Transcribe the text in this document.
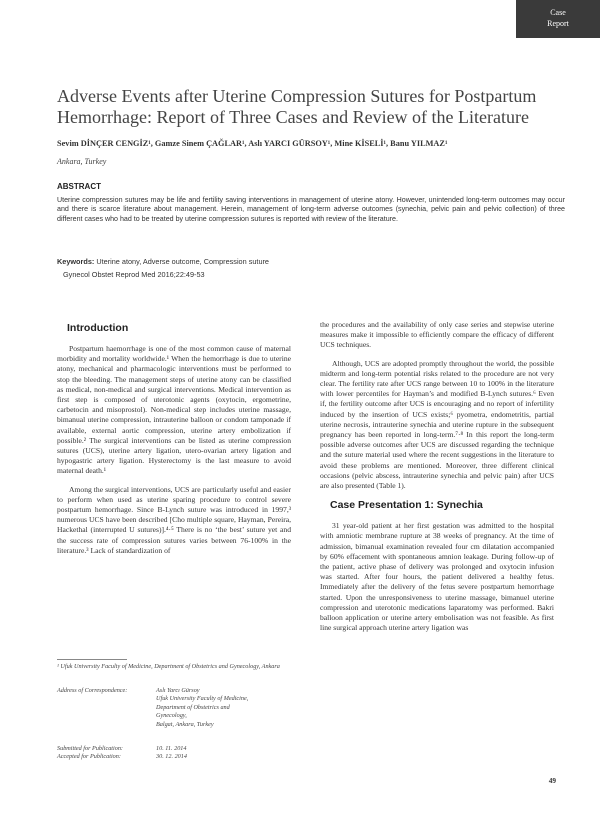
Case
Report
Adverse Events after Uterine Compression Sutures for Postpartum Hemorrhage: Report of Three Cases and Review of the Literature
Sevim DİNÇER CENGİZ¹, Gamze Sinem ÇAĞLAR¹, Aslı YARCI GÜRSOY¹, Mine KİSELİ¹, Banu YILMAZ¹
Ankara, Turkey
ABSTRACT

Uterine compression sutures may be life and fertility saving interventions in management of uterine atony. However, unintended long-term outcomes may occur and there is scarce literature about management. Herein, management of long-term adverse outcomes (synechia, pelvic pain and pelvic collection) of three different cases who had to be treated by uterine compression sutures is reported with review of the literature.

Keywords: Uterine atony, Adverse outcome, Compression suture
Gynecol Obstet Reprod Med 2016;22:49-53
Introduction

Postpartum haemorrhage is one of the most common cause of maternal morbidity and mortality worldwide.¹ When the hemorrhage is due to uterine atony, mechanical and pharmacologic interventions must be performed to stop the bleeding. The management steps of uterine atony can be classified as medical, non-medical and surgical interventions. Medical intervention as first step is composed of uterotonic agents (oxytocin, ergometrine, carbetocin and misoprostol). Non-medical step includes uterine massage, bimanual uterine compression, intrauterine balloon or condom tamponade if available, external aortic compression, uterine artery embolization if possible.² The surgical interventions can be listed as uterine compression sutures (UCS), uterine artery ligation, utero-ovarian artery ligation and hypogastric artery ligation. Hysterectomy is the last measure to avoid maternal death.¹

Among the surgical interventions, UCS are particularly useful and easier to perform when used as uterine sparing procedure to control severe postpartum hemorrhage. Since B-Lynch suture was introduced in 1997,³ numerous UCS have been described [Cho multiple square, Hayman, Pereira, Hackethal (interrupted U sutures)].⁴·⁵ There is no ‘the best’ suture yet and the success rate of compression sutures varies between 76-100% in the literature.³ Lack of standardization of

the procedures and the availability of only case series and stepwise uterine measures make it impossible to efficiently compare the efficacy of different UCS techniques.

Although, UCS are adopted promptly throughout the world, the possible midterm and long-term potential risks related to the procedure are not very clear. The fertility rate after UCS range between 10 to 100% in the literature with lower percentiles for Hayman’s and modified B-Lynch sutures.⁶ Even if, the fertility outcome after UCS is encouraging and no report of infertility induced by the insertion of UCS exists;⁶ pyometra, endometritis, partial uterine necrosis, intrauterine synechia and uterine rupture in the subsequent pregnancy has been reported in long-term.⁷·⁸ In this report the long-term possible adverse outcomes after UCS are discussed regarding the technique and the suture material used where the recent suggestions in the literature to avoid these problems are mentioned. Moreover, three different clinical occasions (pelvic abscess, intrauterine synechia and pelvic pain) after UCS are also presented (Table 1).

Case Presentation 1: Synechia

31 year-old patient at her first gestation was admitted to the hospital with amniotic membrane rupture at 38 weeks of pregnancy. At the time of admission, bimanual examination revealed four cm dilatation accompanied by 60% effacement with spontaneous amnion leakage. During follow-up of the patient, active phase of delivery was prolonged and oxytocin infusion was started. After four hours, the patient delivered a healthy fetus. Immediately after the delivery of the fetus severe postpartum hemorrhage started. Upon the unresponsiveness to uterine massage, bimanuel uterine compression and uterotonic medications laparatomy was performed. Bakri balloon application or uterine artery embolisation was not feasible. As first line surgical approach uterine artery ligation was

¹ Ufuk University Faculty of Medicine, Department of Obstetrics and Gynecology, Ankara
Address of Correspondence:	Aslı Yarcı Gürsoy
Ufuk University Faculty of Medicine,
Department of Obstetrics and
Gynecology,
Balgat, Ankara, Turkey
Submitted for Publication:	10. 11. 2014
Accepted for Publication:	30. 12. 2014
49
